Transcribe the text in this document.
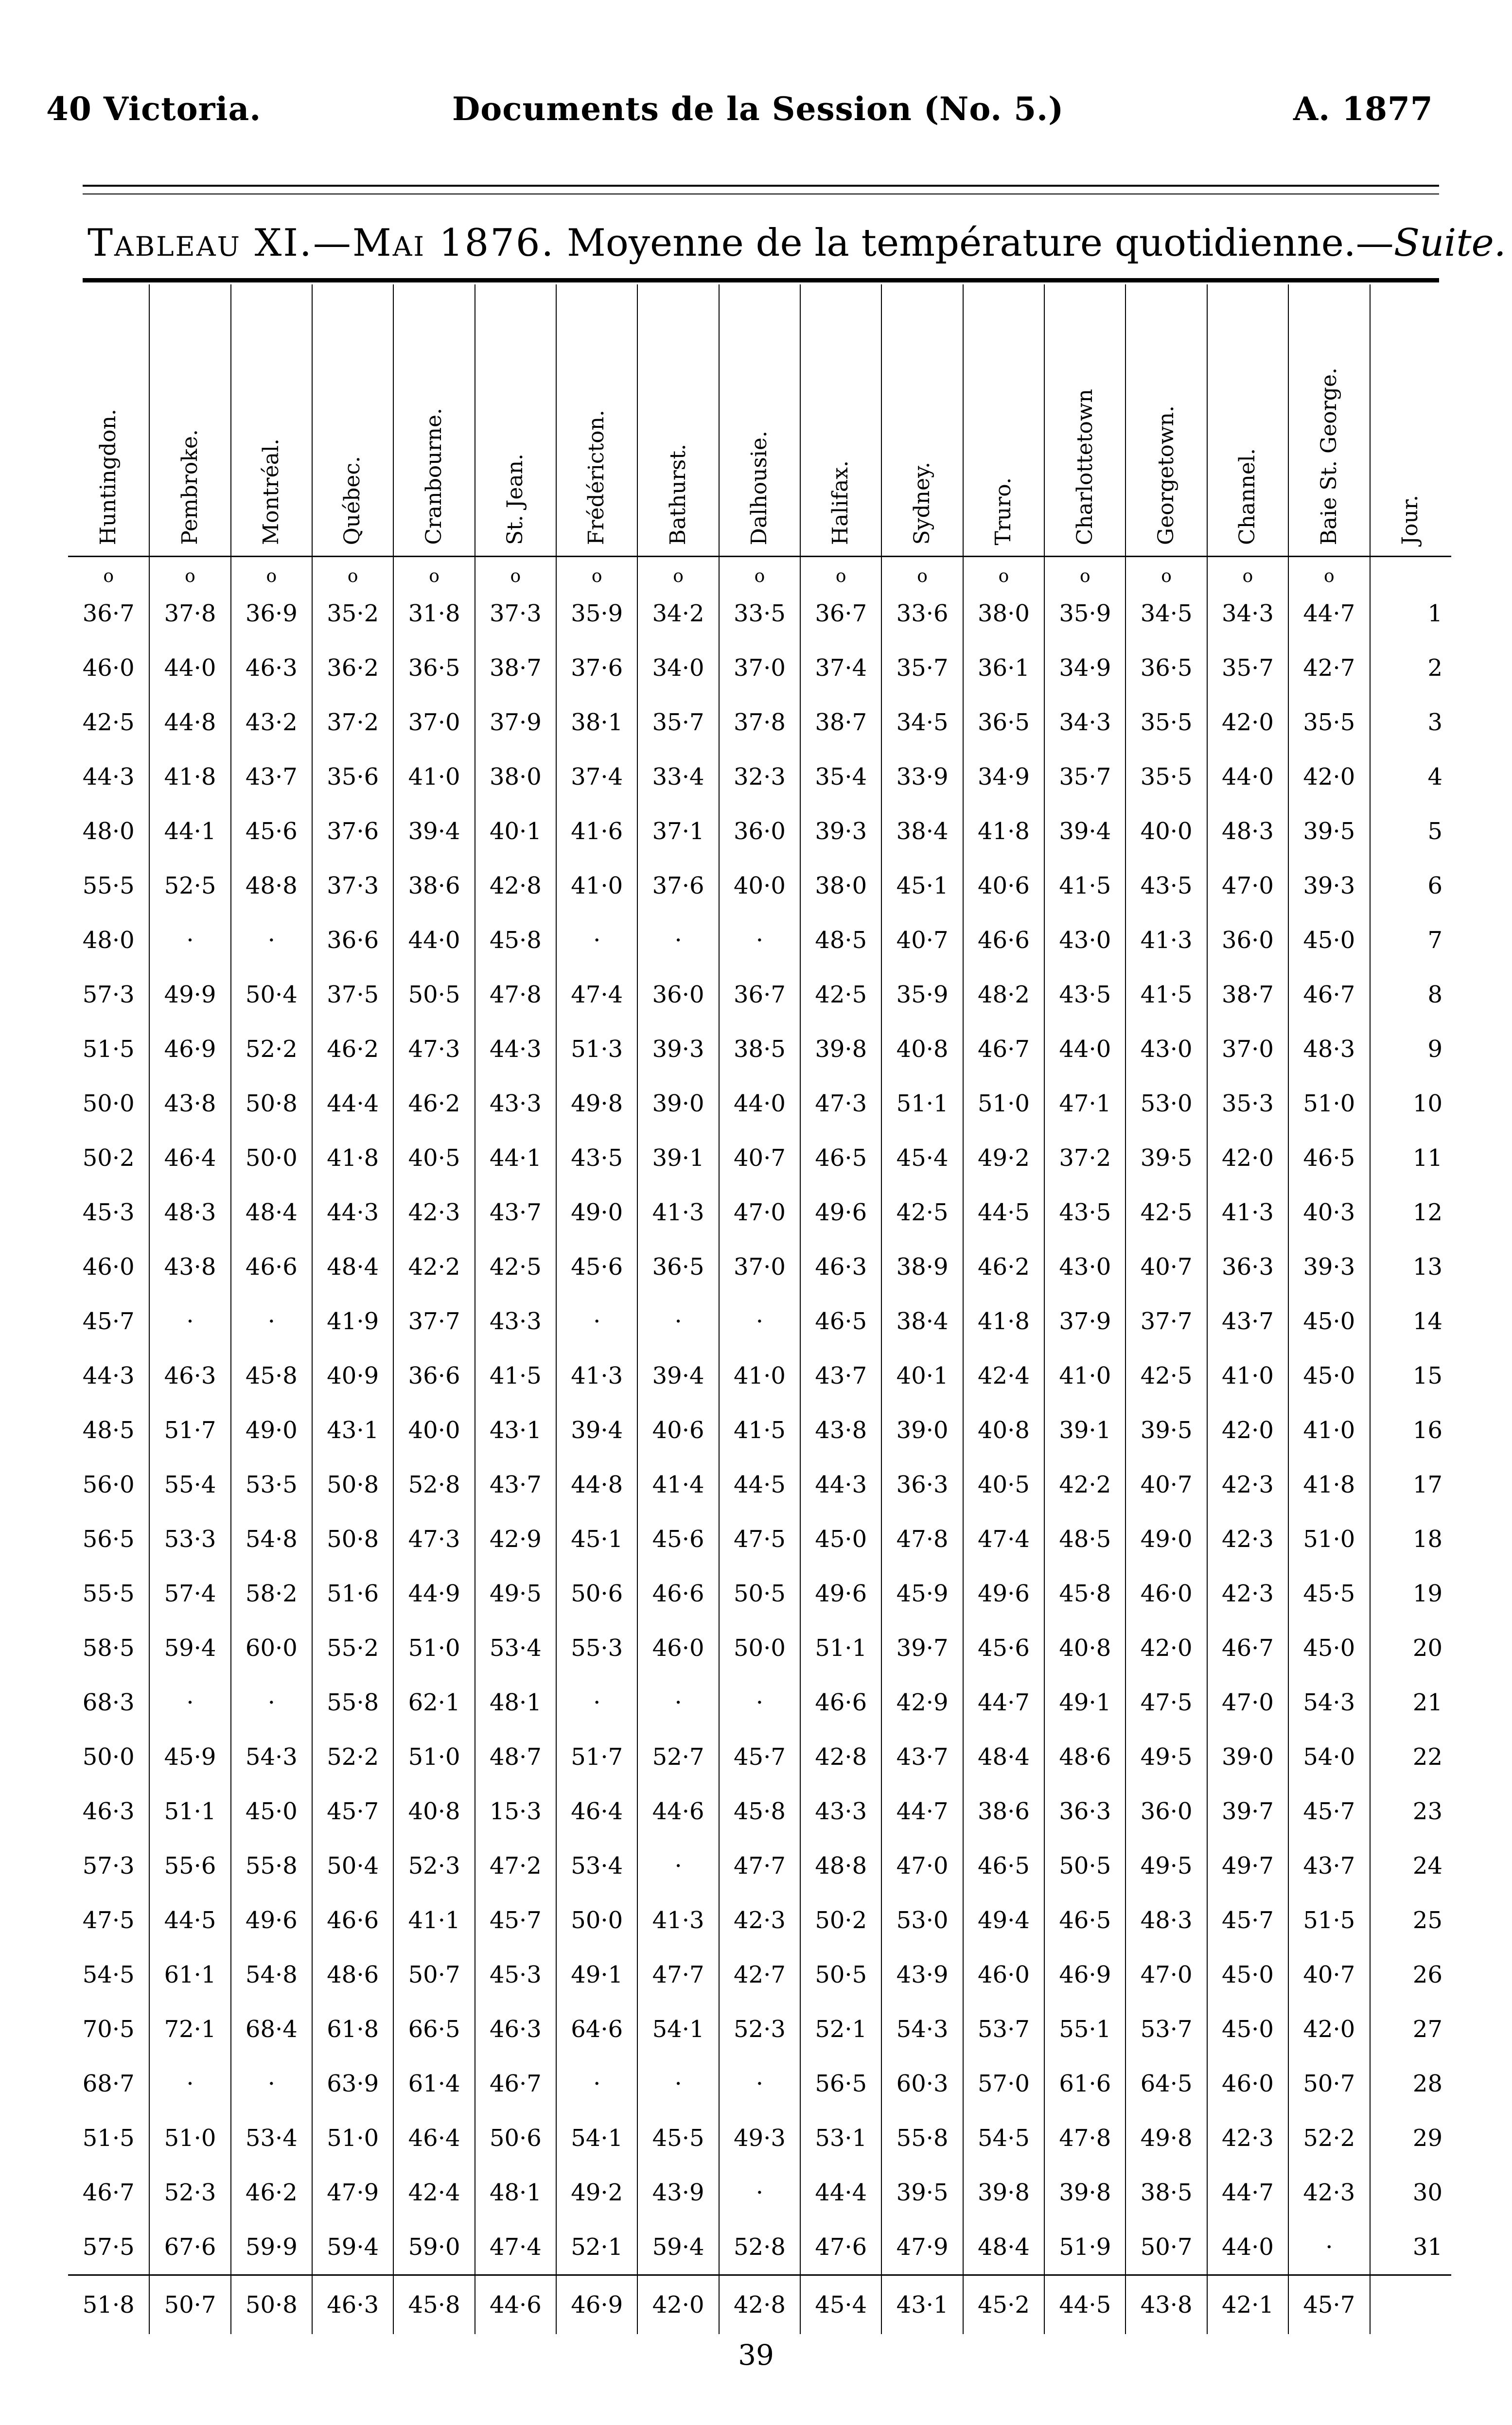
40 Victoria.	Documents de la Session (No. 5.)	A. 1877
Tableau XI.—Mai 1876. Moyenne de la température quotidienne.—Suite.
Huntingdon.	Pembroke.	Montréal.	Québec.	Cranbourne.	St. Jean.	Frédéricton.	Bathurst.	Dalhousie.	Halifax.	Sydney.	Truro.	Charlottetown	Georgetown.	Channel.	Baie St. George.	Jour.
o	o	o	o	o	o	o	o	o	o	o	o	o	o	o	o	
36·7	37·8	36·9	35·2	31·8	37·3	35·9	34·2	33·5	36·7	33·6	38·0	35·9	34·5	34·3	44·7	1
46·0	44·0	46·3	36·2	36·5	38·7	37·6	34·0	37·0	37·4	35·7	36·1	34·9	36·5	35·7	42·7	2
42·5	44·8	43·2	37·2	37·0	37·9	38·1	35·7	37·8	38·7	34·5	36·5	34·3	35·5	42·0	35·5	3
44·3	41·8	43·7	35·6	41·0	38·0	37·4	33·4	32·3	35·4	33·9	34·9	35·7	35·5	44·0	42·0	4
48·0	44·1	45·6	37·6	39·4	40·1	41·6	37·1	36·0	39·3	38·4	41·8	39·4	40·0	48·3	39·5	5
55·5	52·5	48·8	37·3	38·6	42·8	41·0	37·6	40·0	38·0	45·1	40·6	41·5	43·5	47·0	39·3	6
48·0	·	·	36·6	44·0	45·8	·	·	·	48·5	40·7	46·6	43·0	41·3	36·0	45·0	7
57·3	49·9	50·4	37·5	50·5	47·8	47·4	36·0	36·7	42·5	35·9	48·2	43·5	41·5	38·7	46·7	8
51·5	46·9	52·2	46·2	47·3	44·3	51·3	39·3	38·5	39·8	40·8	46·7	44·0	43·0	37·0	48·3	9
50·0	43·8	50·8	44·4	46·2	43·3	49·8	39·0	44·0	47·3	51·1	51·0	47·1	53·0	35·3	51·0	10
50·2	46·4	50·0	41·8	40·5	44·1	43·5	39·1	40·7	46·5	45·4	49·2	37·2	39·5	42·0	46·5	11
45·3	48·3	48·4	44·3	42·3	43·7	49·0	41·3	47·0	49·6	42·5	44·5	43·5	42·5	41·3	40·3	12
46·0	43·8	46·6	48·4	42·2	42·5	45·6	36·5	37·0	46·3	38·9	46·2	43·0	40·7	36·3	39·3	13
45·7	·	·	41·9	37·7	43·3	·	·	·	46·5	38·4	41·8	37·9	37·7	43·7	45·0	14
44·3	46·3	45·8	40·9	36·6	41·5	41·3	39·4	41·0	43·7	40·1	42·4	41·0	42·5	41·0	45·0	15
48·5	51·7	49·0	43·1	40·0	43·1	39·4	40·6	41·5	43·8	39·0	40·8	39·1	39·5	42·0	41·0	16
56·0	55·4	53·5	50·8	52·8	43·7	44·8	41·4	44·5	44·3	36·3	40·5	42·2	40·7	42·3	41·8	17
56·5	53·3	54·8	50·8	47·3	42·9	45·1	45·6	47·5	45·0	47·8	47·4	48·5	49·0	42·3	51·0	18
55·5	57·4	58·2	51·6	44·9	49·5	50·6	46·6	50·5	49·6	45·9	49·6	45·8	46·0	42·3	45·5	19
58·5	59·4	60·0	55·2	51·0	53·4	55·3	46·0	50·0	51·1	39·7	45·6	40·8	42·0	46·7	45·0	20
68·3	·	·	55·8	62·1	48·1	·	·	·	46·6	42·9	44·7	49·1	47·5	47·0	54·3	21
50·0	45·9	54·3	52·2	51·0	48·7	51·7	52·7	45·7	42·8	43·7	48·4	48·6	49·5	39·0	54·0	22
46·3	51·1	45·0	45·7	40·8	15·3	46·4	44·6	45·8	43·3	44·7	38·6	36·3	36·0	39·7	45·7	23
57·3	55·6	55·8	50·4	52·3	47·2	53·4	·	47·7	48·8	47·0	46·5	50·5	49·5	49·7	43·7	24
47·5	44·5	49·6	46·6	41·1	45·7	50·0	41·3	42·3	50·2	53·0	49·4	46·5	48·3	45·7	51·5	25
54·5	61·1	54·8	48·6	50·7	45·3	49·1	47·7	42·7	50·5	43·9	46·0	46·9	47·0	45·0	40·7	26
70·5	72·1	68·4	61·8	66·5	46·3	64·6	54·1	52·3	52·1	54·3	53·7	55·1	53·7	45·0	42·0	27
68·7	·	·	63·9	61·4	46·7	·	·	·	56·5	60·3	57·0	61·6	64·5	46·0	50·7	28
51·5	51·0	53·4	51·0	46·4	50·6	54·1	45·5	49·3	53·1	55·8	54·5	47·8	49·8	42·3	52·2	29
46·7	52·3	46·2	47·9	42·4	48·1	49·2	43·9	·	44·4	39·5	39·8	39·8	38·5	44·7	42·3	30
57·5	67·6	59·9	59·4	59·0	47·4	52·1	59·4	52·8	47·6	47·9	48·4	51·9	50·7	44·0	·	31
51·8	50·7	50·8	46·3	45·8	44·6	46·9	42·0	42·8	45·4	43·1	45·2	44·5	43·8	42·1	45·7	
39
